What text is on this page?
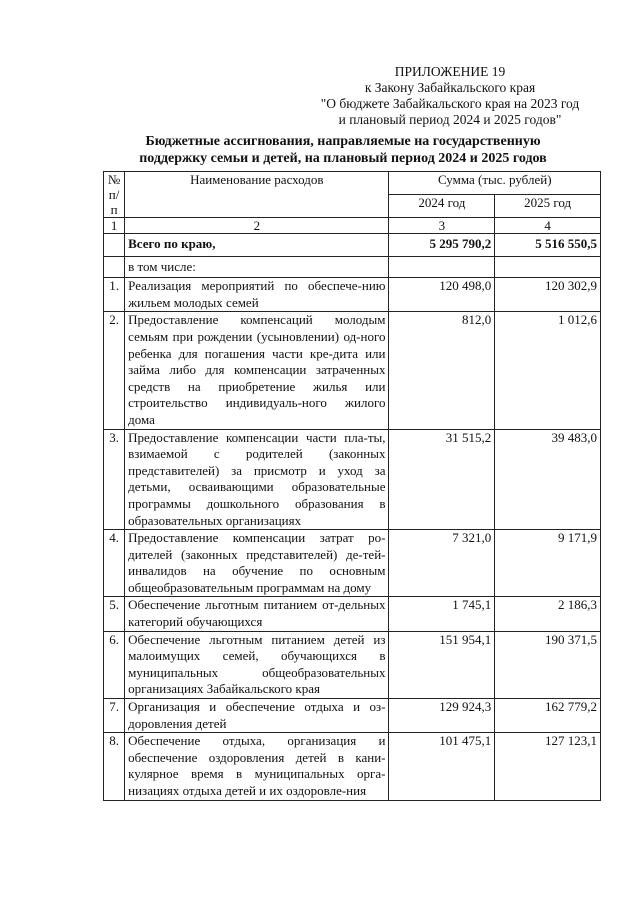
ПРИЛОЖЕНИЕ 19
к Закону Забайкальского края
"О бюджете Забайкальского края на 2023 год
и плановый период 2024 и 2025 годов"
Бюджетные ассигнования, направляемые на государственную
поддержку семьи и детей, на плановый период 2024 и 2025 годов
№
п/п	Наименование расходов	Сумма (тыс. рублей)	
		2024 год	2025 год
1	2	3	4
	Всего по краю,	5 295 790,2	5 516 550,5
	в том числе:		
1.	Реализация мероприятий по обеспече-нию жильем молодых семей	120 498,0	120 302,9
2.	Предоставление компенсаций молодым семьям при рождении (усыновлении) од-ного ребенка для погашения части кре-дита или займа либо для компенсации затраченных средств на приобретение жилья или строительство индивидуаль-ного жилого дома	812,0	1 012,6
3.	Предоставление компенсации части пла-ты, взимаемой с родителей (законных представителей) за присмотр и уход за детьми, осваивающими образовательные программы дошкольного образования в образовательных организациях	31 515,2	39 483,0
4.	Предоставление компенсации затрат ро-дителей (законных представителей) де-тей-инвалидов на обучение по основным общеобразовательным программам на дому	7 321,0	9 171,9
5.	Обеспечение льготным питанием от-дельных категорий обучающихся	1 745,1	2 186,3
6.	Обеспечение льготным питанием детей из малоимущих семей, обучающихся в муниципальных общеобразовательных организациях Забайкальского края	151 954,1	190 371,5
7.	Организация и обеспечение отдыха и оз-доровления детей	129 924,3	162 779,2
8.	Обеспечение отдыха, организация и обеспечение оздоровления детей в кани-кулярное время в муниципальных орга-низациях отдыха детей и их оздоровле-ния	101 475,1	127 123,1
